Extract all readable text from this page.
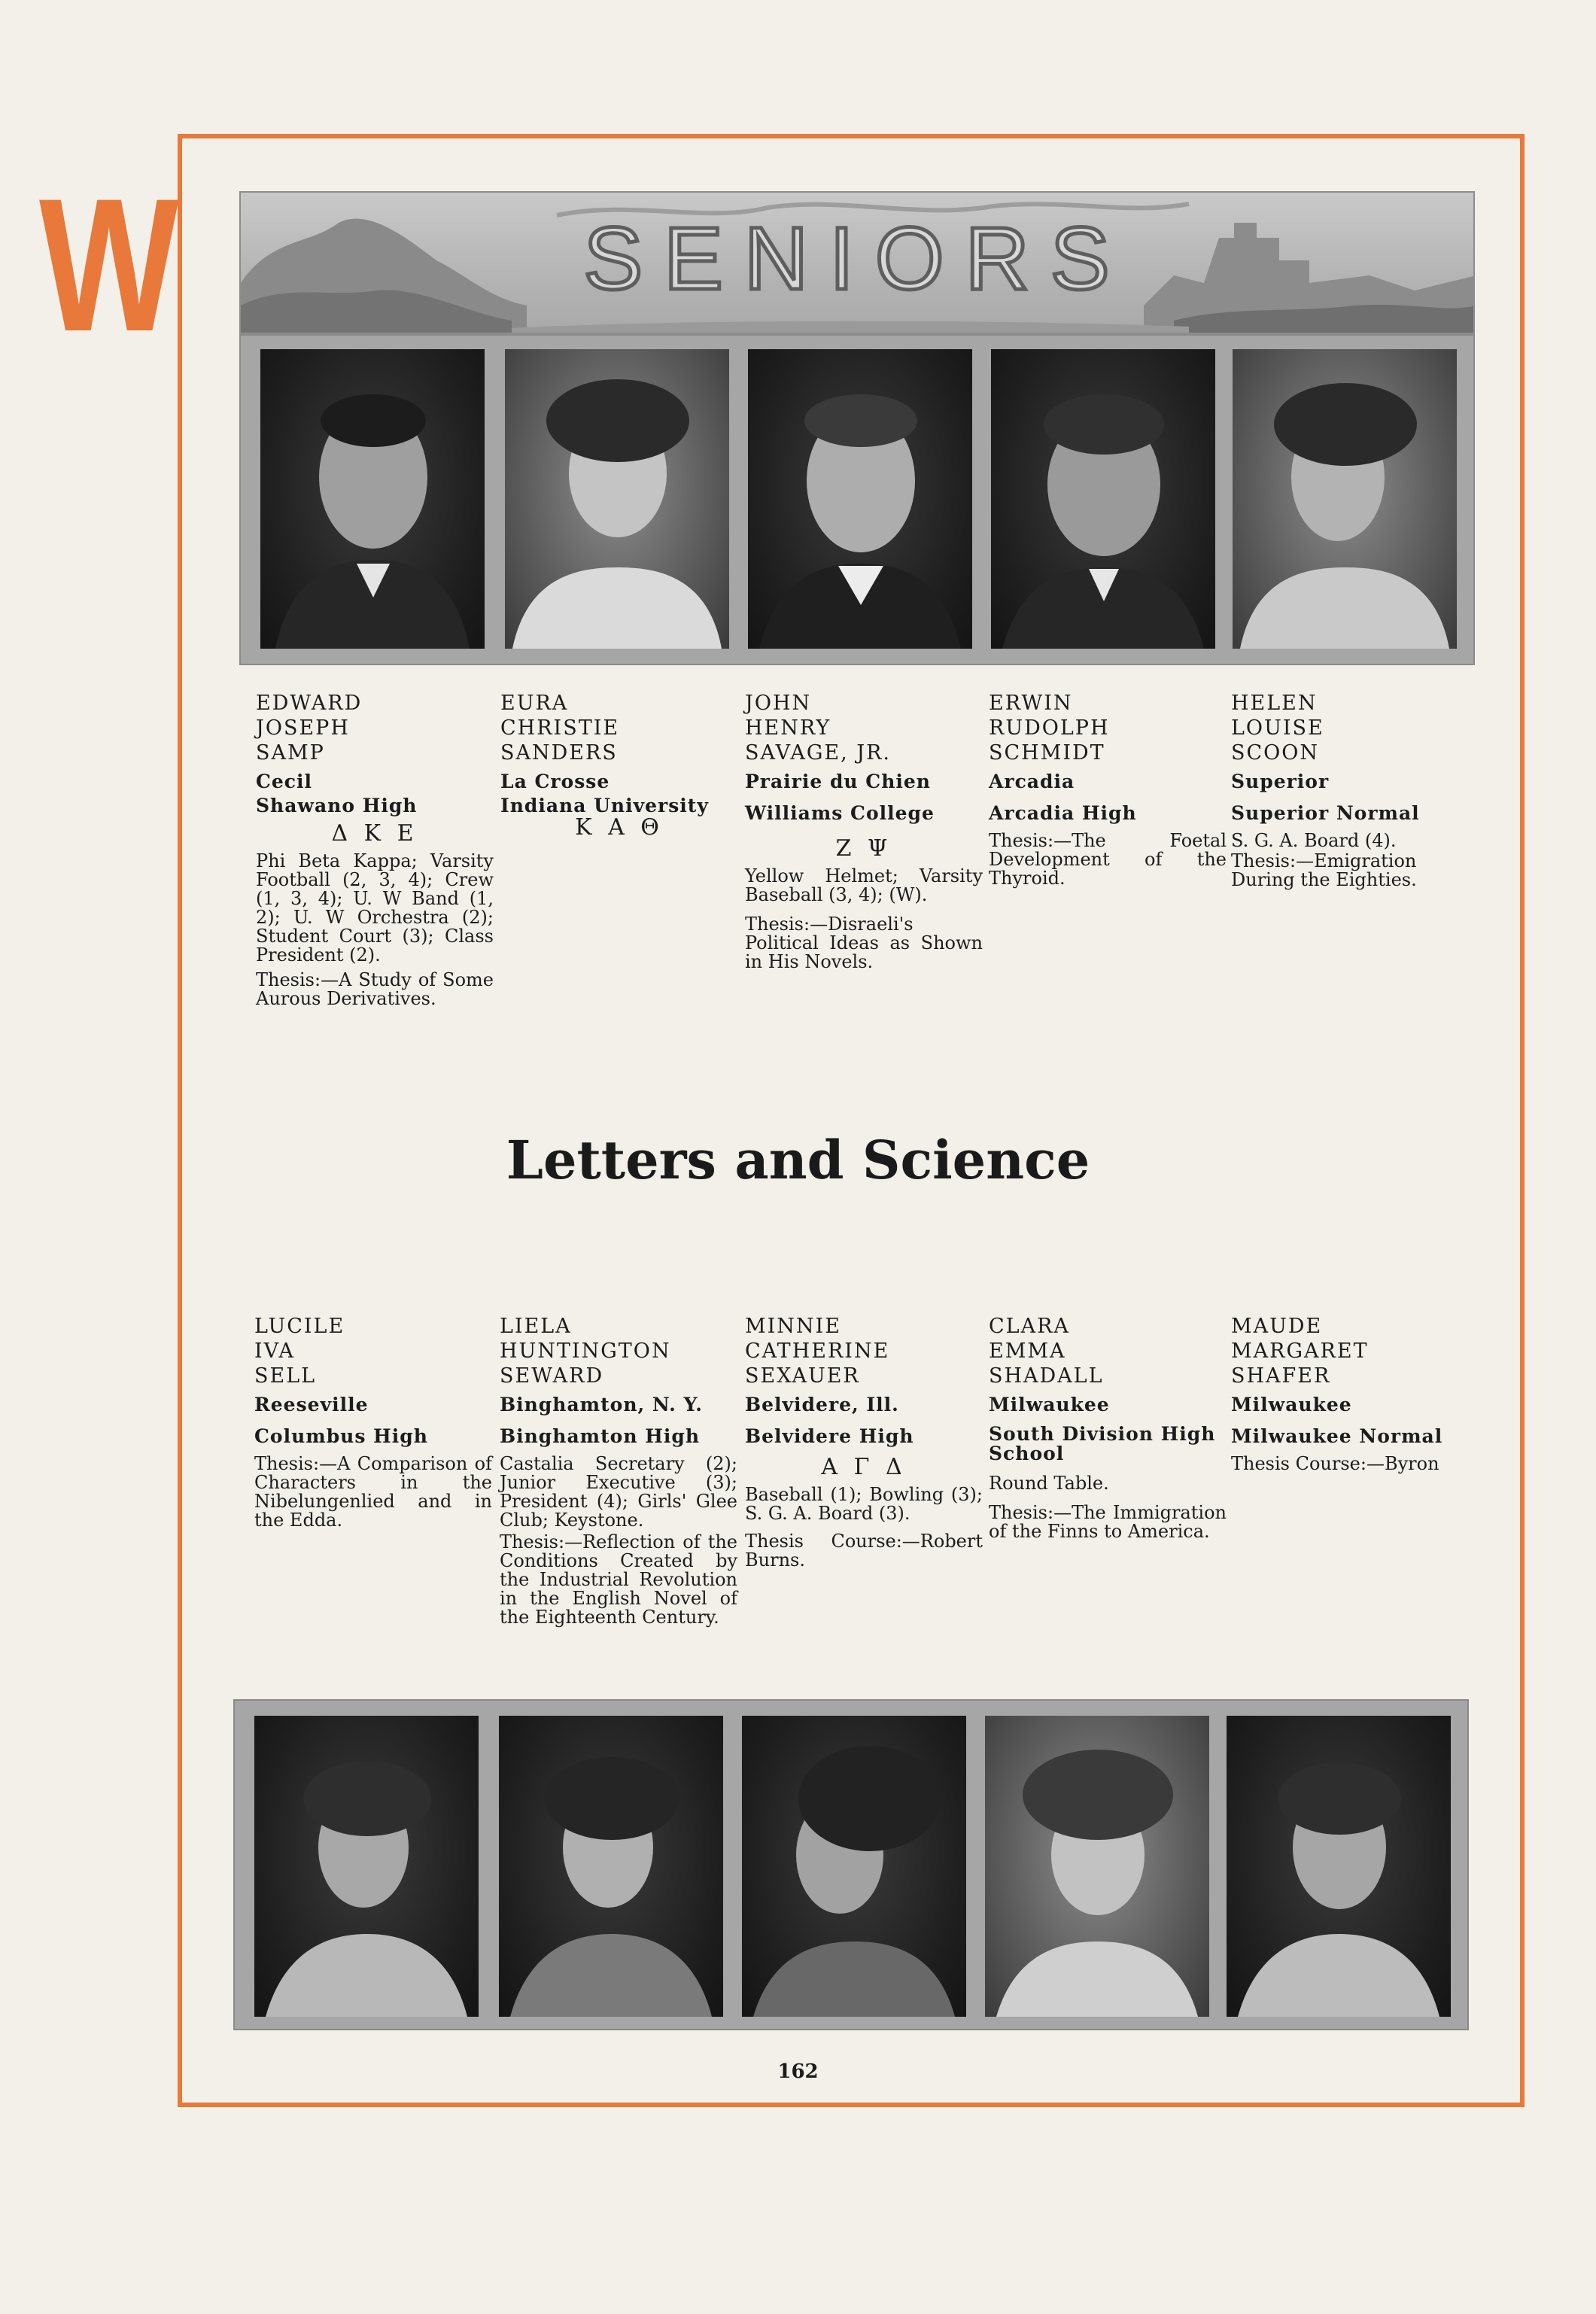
W	SENIORS
EDWARD
JOSEPH
SAMP
Cecil
Shawano High
Δ K E
Phi Beta Kappa; Varsity Football (2, 3, 4); Crew (1, 3, 4); U. W Band (1, 2); U. W Orchestra (2); Student Court (3); Class President (2).
Thesis:—A Study of Some Aurous Derivatives.
EURA
CHRISTIE
SANDERS
La Crosse
Indiana University
K A Θ
JOHN
HENRY
SAVAGE, JR.
Prairie du Chien
Williams College
Z Ψ
Yellow Helmet; Varsity Baseball (3, 4); (W).
Thesis:—Disraeli's Political Ideas as Shown in His Novels.
ERWIN
RUDOLPH
SCHMIDT
Arcadia
Arcadia High
Thesis:—The Foetal Development of the Thyroid.
HELEN
LOUISE
SCOON
Superior
Superior Normal
S. G. A. Board (4).
Thesis:—Emigration During the Eighties.
Letters and Science
LUCILE
IVA
SELL
Reeseville
Columbus High
Thesis:—A Comparison of Characters in the Nibelungenlied and in the Edda.
LIELA
HUNTINGTON
SEWARD
Binghamton, N. Y.
Binghamton High
Castalia Secretary (2); Junior Executive (3); President (4); Girls' Glee Club; Keystone.
Thesis:—Reflection of the Conditions Created by the Industrial Revolution in the English Novel of the Eighteenth Century.
MINNIE
CATHERINE
SEXAUER
Belvidere, Ill.
Belvidere High
A Γ Δ
Baseball (1); Bowling (3); S. G. A. Board (3).
Thesis Course:—Robert Burns.
CLARA
EMMA
SHADALL
Milwaukee
South Division High School
Round Table.
Thesis:—The Immigration of the Finns to America.
MAUDE
MARGARET
SHAFER
Milwaukee
Milwaukee Normal
Thesis Course:—Byron
162
